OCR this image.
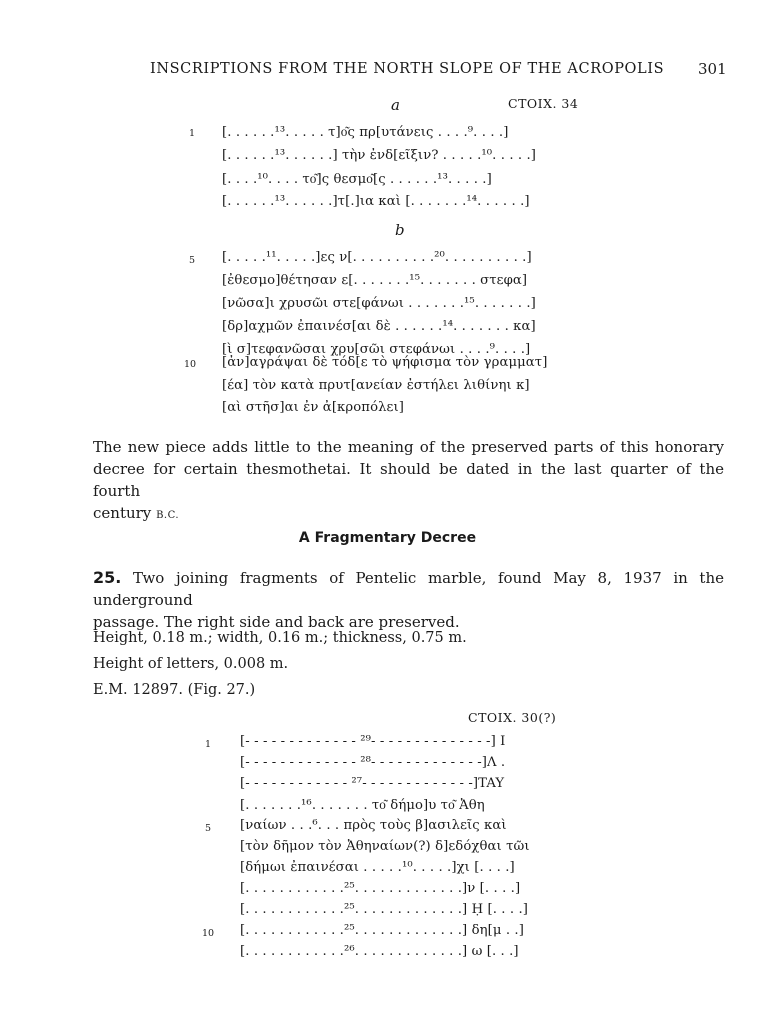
INSCRIPTIONS FROM THE NORTH SLOPE OF THE ACROPOLIS 301
a	CTOIX. 34
1 [. . . . . .¹³. . . . . τ]ο͂ς πρ[υτάνεις . . . .⁹. . . .]
[. . . . . .¹³. . . . . .] τὴν ἐνδ[εῖξιν? . . . . .¹⁰. . . . .]
[. . . .¹⁰. . . . το͂]ς θεσμο͂[ς . . . . . .¹³. . . . .]
[. . . . . .¹³. . . . . .]τ[.]ια καὶ [. . . . . . .¹⁴. . . . . .]
b
5 [. . . . .¹¹. . . . .]ες ν[. . . . . . . . . .²⁰. . . . . . . . . .]
[ἐθεσμο]θέτησαν ε[. . . . . . .¹⁵. . . . . . . στεφα]
[νῶσα]ι χρυσῶι στε[φάνωι . . . . . . .¹⁵. . . . . . .]
[δρ]αχμῶν ἐπαινέσ[αι δὲ . . . . . .¹⁴. . . . . . . κα]
[ὶ σ]τεφανῶσαι χρυ[σῶι στεφάνωι . . . .⁹. . . .]
10 [ἀν]αγράψαι δὲ τόδ[ε τὸ ψήφισμα τὸν γραμματ]
[έα] τὸν κατὰ πρυτ[ανείαν ἐστήλει λιθίνηι κ]
[αὶ στῆσ]αι ἐν ἀ[κροπόλει]
The new piece adds little to the meaning of the preserved parts of this honorary
decree for certain thesmothetai. It should be dated in the last quarter of the fourth
century B.C.
A Fragmentary Decree
25. Two joining fragments of Pentelic marble, found May 8, 1937 in the underground
passage. The right side and back are preserved.
Height, 0.18 m.; width, 0.16 m.; thickness, 0.75 m.
Height of letters, 0.008 m.
E.M. 12897. (Fig. 27.)
CTOIX. 30(?)
1 [- - - - - - - - - - - - - ²⁹- - - - - - - - - - - - - -] I
[- - - - - - - - - - - - - ²⁸- - - - - - - - - - - - -]Λ .
[- - - - - - - - - - - - ²⁷- - - - - - - - - - - - -]TAY
[. . . . . . .¹⁶. . . . . . . το͂ δήμο]υ το͂ Ἀθη
5 [ναίων . . .⁶. . . πρὸς τοὺς β]ασιλεῖς καὶ
[τὸν δῆμον τὸν Ἀθηναίων(?) δ]εδόχθαι τῶι
[δήμωι ἐπαινέσαι . . . . .¹⁰. . . . .]χι [. . . .]
[. . . . . . . . . . . .²⁵. . . . . . . . . . . . .]ν [. . . .]
[. . . . . . . . . . . .²⁵. . . . . . . . . . . . .] Ḥ [. . . .]
10 [. . . . . . . . . . . .²⁵. . . . . . . . . . . . .] δη[μ . .]
[. . . . . . . . . . . .²⁶. . . . . . . . . . . . .] ω [. . .]
